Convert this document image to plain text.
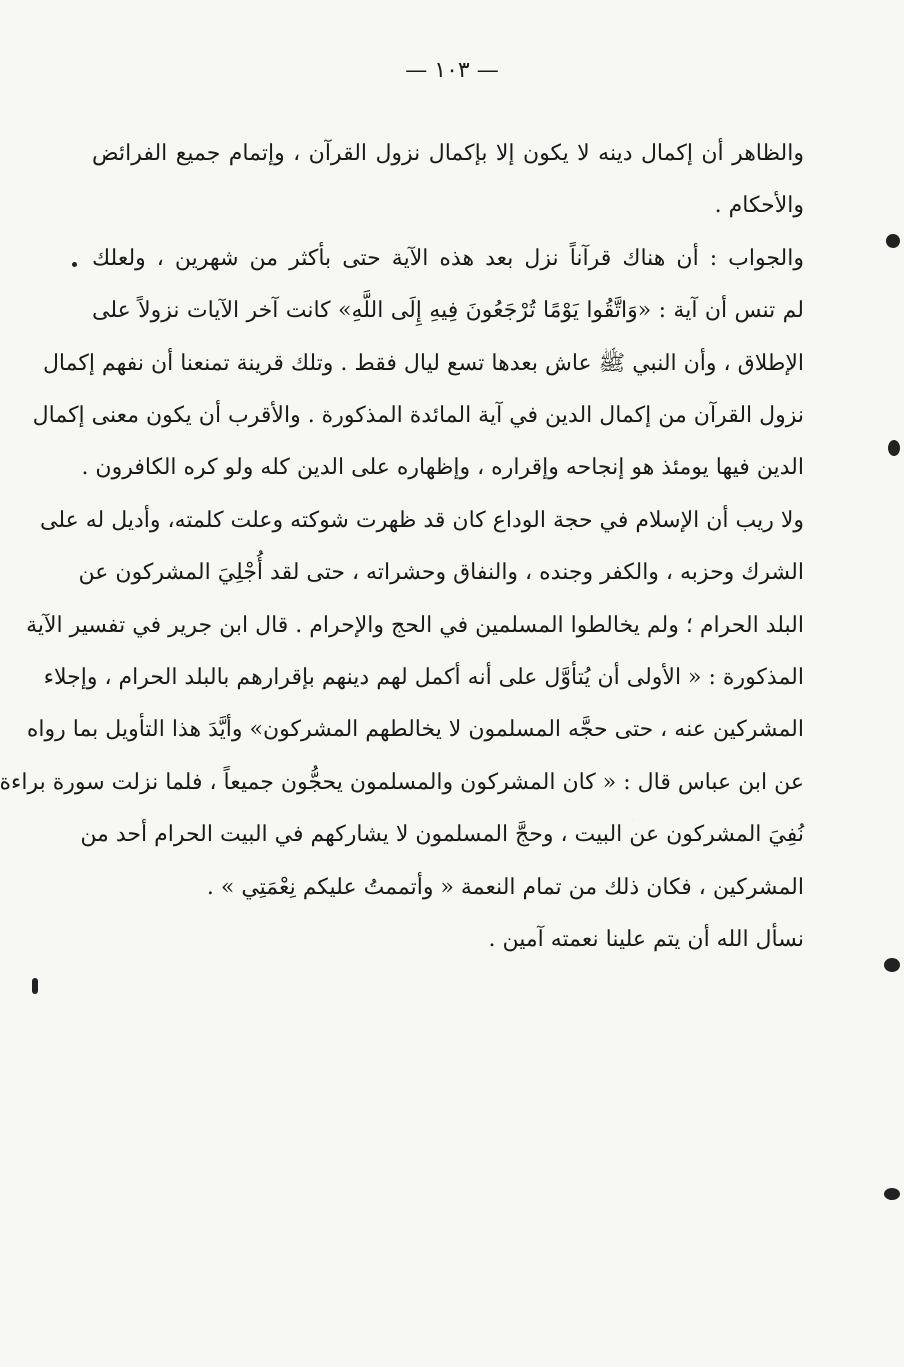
— ١٠٣ —

والظاهر أن إكمال دينه لا يكون إلا بإكمال نزول القرآن ، وإتمام جميع الفرائض
والأحكام .

والجواب : أن هناك قرآناً نزل بعد هذه الآية حتى بأكثر من شهرين ، ولعلك
لم تنس أن آية : «وَاتَّقُوا يَوْمًا تُرْجَعُونَ فِيهِ إِلَى اللَّهِ» كانت آخر الآيات نزولاً على
الإطلاق ، وأن النبي ﷺ عاش بعدها تسع ليال فقط . وتلك قرينة تمنعنا أن نفهم إكمال
نزول القرآن من إكمال الدين في آية المائدة المذكورة . والأقرب أن يكون معنى إكمال
الدين فيها يومئذ هو إنجاحه وإقراره ، وإظهاره على الدين كله ولو كره الكافرون .
ولا ريب أن الإسلام في حجة الوداع كان قد ظهرت شوكته وعلت كلمته، وأديل له على
الشرك وحزبه ، والكفر وجنده ، والنفاق وحشراته ، حتى لقد أُجْلِيَ المشركون عن
البلد الحرام ؛ ولم يخالطوا المسلمين في الحج والإحرام . قال ابن جرير في تفسير الآية
المذكورة : « الأولى أن يُتأوَّل على أنه أكمل لهم دينهم بإقرارهم بالبلد الحرام ، وإجلاء
المشركين عنه ، حتى حجَّه المسلمون لا يخالطهم المشركون» وأيَّدَ هذا التأويل بما رواه
عن ابن عباس قال : « كان المشركون والمسلمون يحجُّون جميعاً ، فلما نزلت سورة براءة
نُفِيَ المشركون عن البيت ، وحجَّ المسلمون لا يشاركهم في البيت الحرام أحد من
المشركين ، فكان ذلك من تمام النعمة « وأتممتُ عليكم نِعْمَتِي » .

نسأل الله أن يتم علينا نعمته آمين .
